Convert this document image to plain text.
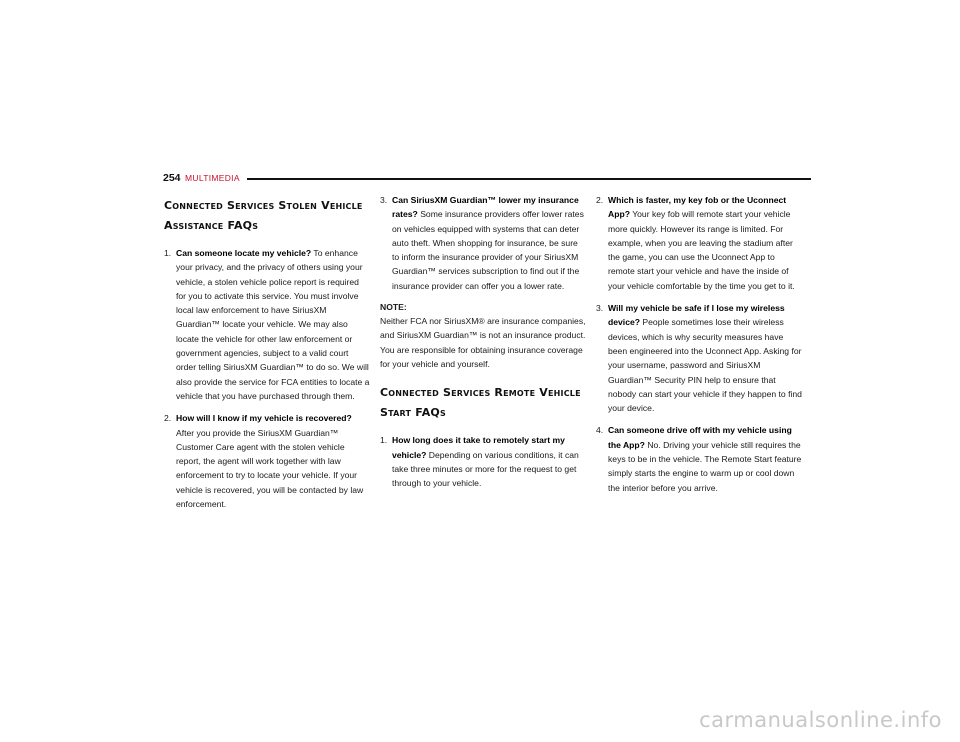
254 MULTIMEDIA
Connected Services Stolen Vehicle
Assistance FAQs
1. Can someone locate my vehicle? To enhance your privacy, and the privacy of others using your vehicle, a stolen vehicle police report is required for you to activate this service. You must involve local law enforcement to have SiriusXM Guardian™ locate your vehicle. We may also locate the vehicle for other law enforcement or government agencies, subject to a valid court order telling SiriusXM Guardian™ to do so. We will also provide the service for FCA entities to locate a vehicle that you have purchased through them.
2. How will I know if my vehicle is recovered? After you provide the SiriusXM Guardian™ Customer Care agent with the stolen vehicle report, the agent will work together with law enforcement to try to locate your vehicle. If your vehicle is recovered, you will be contacted by law enforcement.
3. Can SiriusXM Guardian™ lower my insurance rates? Some insurance providers offer lower rates on vehicles equipped with systems that can deter auto theft. When shopping for insurance, be sure to inform the insurance provider of your SiriusXM Guardian™ services subscription to find out if the insurance provider can offer you a lower rate.
NOTE:
Neither FCA nor SiriusXM® are insurance companies, and SiriusXM Guardian™ is not an insurance product. You are responsible for obtaining insurance coverage for your vehicle and yourself.
Connected Services Remote Vehicle
Start FAQs
1. How long does it take to remotely start my vehicle? Depending on various conditions, it can take three minutes or more for the request to get through to your vehicle.
2. Which is faster, my key fob or the Uconnect App? Your key fob will remote start your vehicle more quickly. However its range is limited. For example, when you are leaving the stadium after the game, you can use the Uconnect App to remote start your vehicle and have the inside of your vehicle comfortable by the time you get to it.
3. Will my vehicle be safe if I lose my wireless device? People sometimes lose their wireless devices, which is why security measures have been engineered into the Uconnect App. Asking for your username, password and SiriusXM Guardian™ Security PIN help to ensure that nobody can start your vehicle if they happen to find your device.
4. Can someone drive off with my vehicle using the App? No. Driving your vehicle still requires the keys to be in the vehicle. The Remote Start feature simply starts the engine to warm up or cool down the interior before you arrive.
carmanualsonline.info
